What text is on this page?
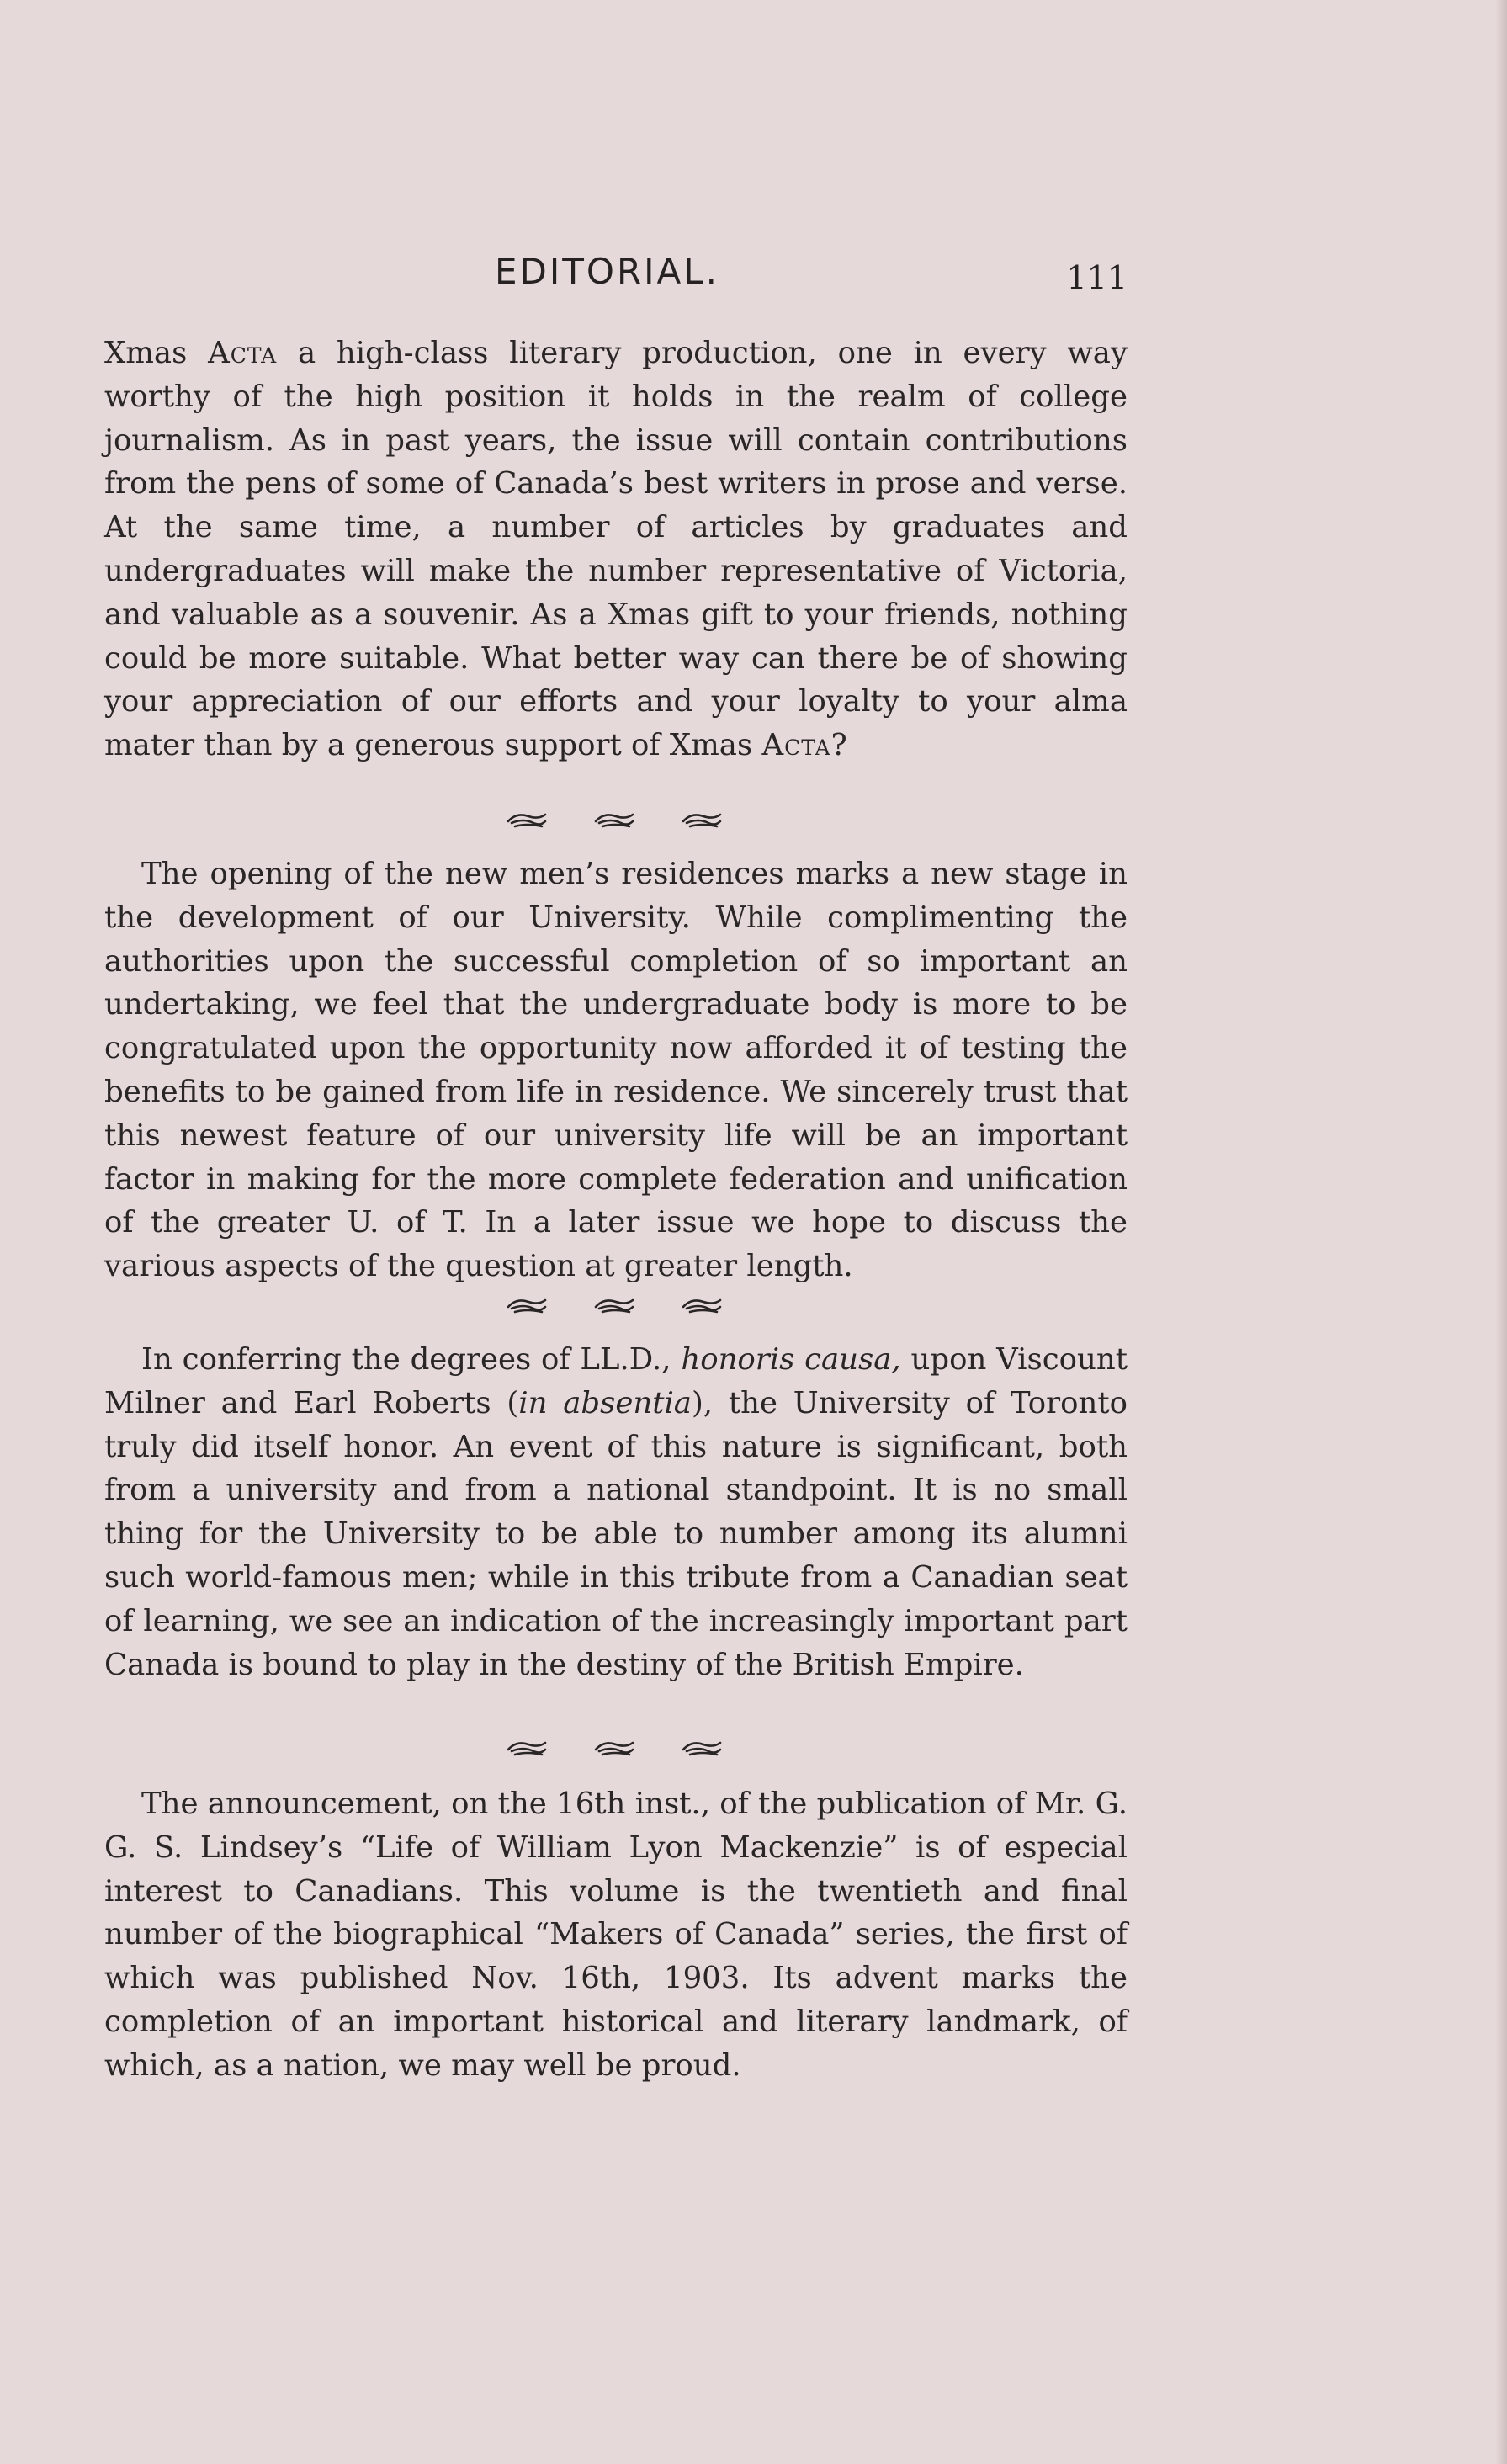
EDITORIAL.	111

Xmas Acta a high-class literary production, one in every way worthy of the high position it holds in the realm of college journalism. As in past years, the issue will contain contributions from the pens of some of Canada’s best writers in prose and verse. At the same time, a number of articles by graduates and undergraduates will make the number representative of Victoria, and valuable as a souvenir. As a Xmas gift to your friends, nothing could be more suitable. What better way can there be of showing your appreciation of our efforts and your loyalty to your alma mater than by a generous support of Xmas Acta?

The opening of the new men’s residences marks a new stage in the development of our University. While complimenting the authorities upon the successful completion of so important an undertaking, we feel that the undergraduate body is more to be congratulated upon the opportunity now afforded it of testing the benefits to be gained from life in residence. We sincerely trust that this newest feature of our university life will be an important factor in making for the more complete federation and unification of the greater U. of T. In a later issue we hope to discuss the various aspects of the question at greater length.

In conferring the degrees of LL.D., honoris causa, upon Viscount Milner and Earl Roberts (in absentia), the University of Toronto truly did itself honor. An event of this nature is significant, both from a university and from a national standpoint. It is no small thing for the University to be able to number among its alumni such world-famous men; while in this tribute from a Canadian seat of learning, we see an indication of the increasingly important part Canada is bound to play in the destiny of the British Empire.

The announcement, on the 16th inst., of the publication of Mr. G. G. S. Lindsey’s “Life of William Lyon Mackenzie” is of especial interest to Canadians. This volume is the twentieth and final number of the biographical “Makers of Canada” series, the first of which was published Nov. 16th, 1903. Its advent marks the completion of an important historical and literary landmark, of which, as a nation, we may well be proud.
